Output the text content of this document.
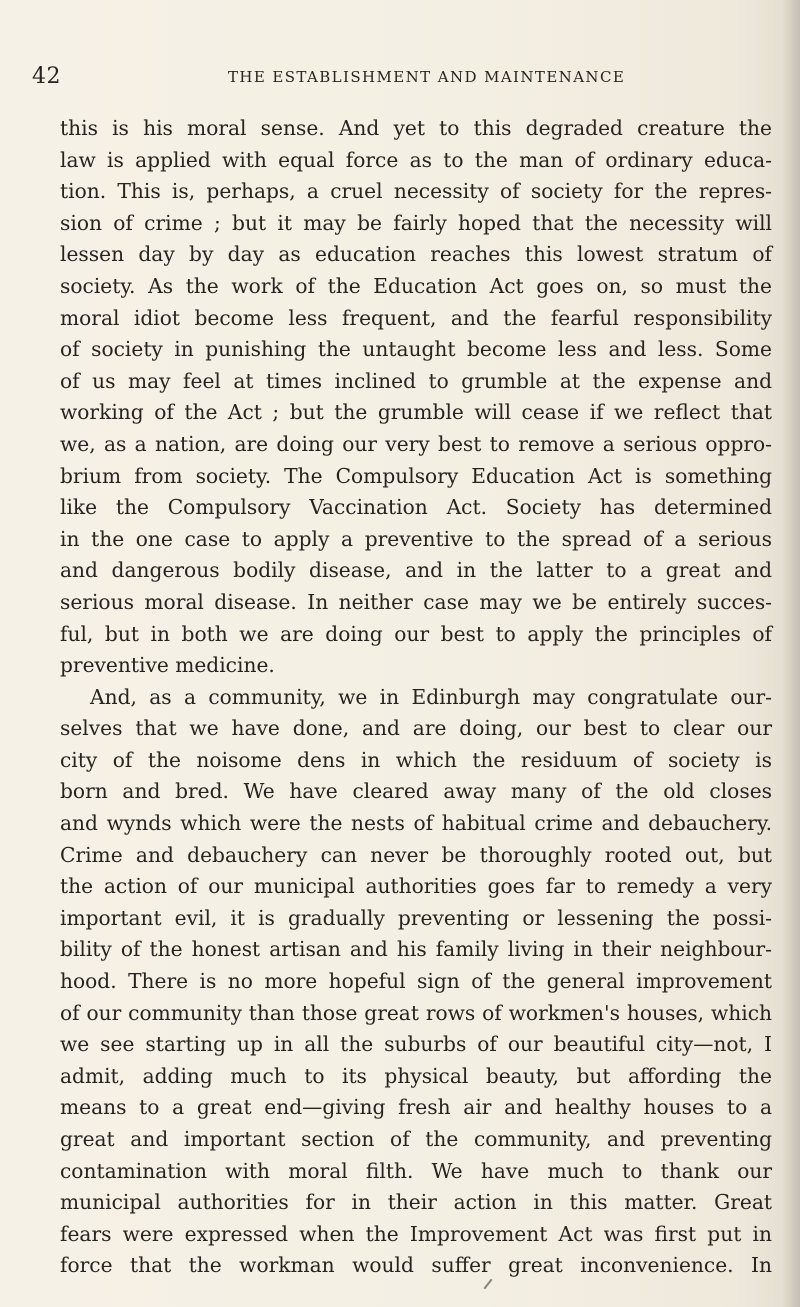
42	THE ESTABLISHMENT AND MAINTENANCE
this is his moral sense. And yet to this degraded creature the
law is applied with equal force as to the man of ordinary educa-
tion. This is, perhaps, a cruel necessity of society for the repres-
sion of crime ; but it may be fairly hoped that the necessity will
lessen day by day as education reaches this lowest stratum of
society. As the work of the Education Act goes on, so must the
moral idiot become less frequent, and the fearful responsibility
of society in punishing the untaught become less and less. Some
of us may feel at times inclined to grumble at the expense and
working of the Act ; but the grumble will cease if we reflect that
we, as a nation, are doing our very best to remove a serious oppro-
brium from society. The Compulsory Education Act is something
like the Compulsory Vaccination Act. Society has determined
in the one case to apply a preventive to the spread of a serious
and dangerous bodily disease, and in the latter to a great and
serious moral disease. In neither case may we be entirely succes-
ful, but in both we are doing our best to apply the principles of
preventive medicine.
And, as a community, we in Edinburgh may congratulate our-
selves that we have done, and are doing, our best to clear our
city of the noisome dens in which the residuum of society is
born and bred. We have cleared away many of the old closes
and wynds which were the nests of habitual crime and debauchery.
Crime and debauchery can never be thoroughly rooted out, but
the action of our municipal authorities goes far to remedy a very
important evil, it is gradually preventing or lessening the possi-
bility of the honest artisan and his family living in their neighbour-
hood. There is no more hopeful sign of the general improvement
of our community than those great rows of workmen's houses, which
we see starting up in all the suburbs of our beautiful city—not, I
admit, adding much to its physical beauty, but affording the
means to a great end—giving fresh air and healthy houses to a
great and important section of the community, and preventing
contamination with moral filth. We have much to thank our
municipal authorities for in their action in this matter. Great
fears were expressed when the Improvement Act was first put in
force that the workman would suffer great inconvenience. In
